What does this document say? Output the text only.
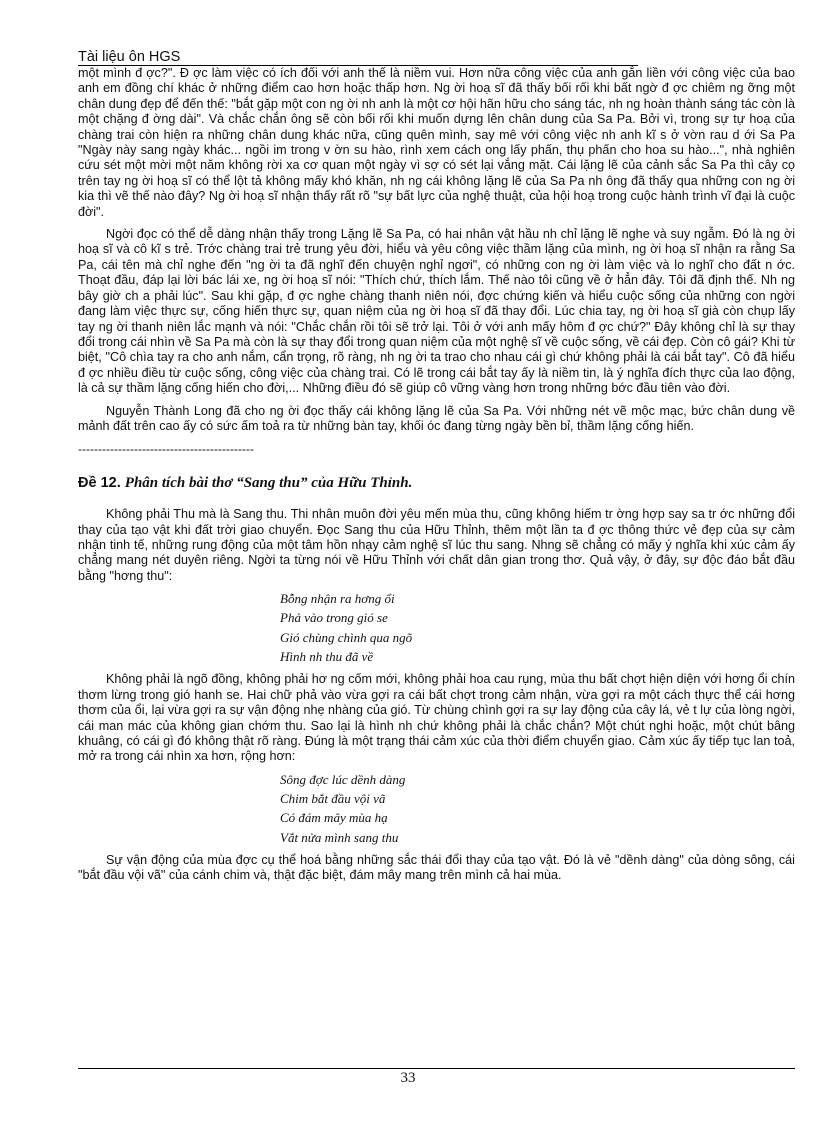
Tài liệu ôn HGS

một mình đ ợc?". Đ ợc làm việc có ích đối với anh thế là niềm vui. Hơn nữa công việc của anh gắn liền với công việc của bao anh em đồng chí khác ở những điểm cao hơn hoặc thấp hơn. Ng ời hoạ sĩ đã thấy bối rối khi bất ngờ đ ợc chiêm ng ỡng một chân dung đẹp để đến thế: "bắt gặp một con ng ời nh anh là một cơ hội hãn hữu cho sáng tác, nh ng hoàn thành sáng tác còn là một chặng đ ờng dài". Và chắc chắn ông sẽ còn bối rối khi muốn dựng lên chân dung của Sa Pa. Bởi vì, trong sự tự hoạ của chàng trai còn hiện ra những chân dung khác nữa, cũng quên mình, say mê với công việc nh anh kĩ s ở vờn rau d ới Sa Pa "Ngày này sang ngày khác... ngồi im trong v ờn su hào, rình xem cách ong lấy phấn, thụ phấn cho hoa su hào...", nhà nghiên cứu sét một mời một năm không rời xa cơ quan một ngày vì sợ có sét lại vắng mặt. Cái lặng lẽ của cảnh sắc Sa Pa thì cây cọ trên tay ng ời hoạ sĩ có thể lột tả không mấy khó khăn, nh ng cái không lặng lẽ của Sa Pa nh ông đã thấy qua những con ng ời kia thì vẽ thế nào đây? Ng ời hoạ sĩ nhận thấy rất rõ "sự bất lực của nghệ thuật, của hội hoạ trong cuộc hành trình vĩ đại là cuộc đời".

Ngời đọc có thể dễ dàng nhận thấy trong Lặng lẽ Sa Pa, có hai nhân vật hầu nh chỉ lặng lẽ nghe và suy ngẫm. Đó là ng ời hoạ sĩ và cô kĩ s trẻ. Trớc chàng trai trẻ trung yêu đời, hiểu và yêu công việc thầm lặng của mình, ng ời hoạ sĩ nhận ra rằng Sa Pa, cái tên mà chỉ nghe đến "ng ời ta đã nghĩ đến chuyện nghỉ ngơi", có những con ng ời làm việc và lo nghĩ cho đất n ớc. Thoạt đầu, đáp lại lời bác lái xe, ng ời hoạ sĩ nói: "Thích chứ, thích lắm. Thế nào tôi cũng về ở hẳn đây. Tôi đã định thế. Nh ng bây giờ ch a phải lúc". Sau khi gặp, đ ợc nghe chàng thanh niên nói, đợc chứng kiến và hiểu cuộc sống của những con ngời đang làm việc thực sự, cống hiến thực sự, quan niệm của ng ời hoạ sĩ đã thay đổi. Lúc chia tay, ng ời hoạ sĩ già còn chụp lấy tay ng ời thanh niên lắc mạnh và nói: "Chắc chắn rồi tôi sẽ trở lại. Tôi ở với anh mấy hôm đ ợc chứ?" Đây không chỉ là sự thay đổi trong cái nhìn về Sa Pa mà còn là sự thay đổi trong quan niệm của một nghệ sĩ về cuộc sống, về cái đẹp. Còn cô gái? Khi từ biệt, "Cô chìa tay ra cho anh nắm, cẩn trọng, rõ ràng, nh ng ời ta trao cho nhau cái gì chứ không phải là cái bắt tay". Cô đã hiểu đ ợc nhiều điều từ cuộc sống, công việc của chàng trai. Có lẽ trong cái bắt tay ấy là niềm tin, là ý nghĩa đích thực của lao động, là cả sự thầm lặng cống hiến cho đời,... Những điều đó sẽ giúp cô vững vàng hơn trong những bớc đầu tiên vào đời.

Nguyễn Thành Long đã cho ng ời đọc thấy cái không lặng lẽ của Sa Pa. Với những nét vẽ mộc mạc, bức chân dung về mảnh đất trên cao ấy có sức ấm toả ra từ những bàn tay, khối óc đang từng ngày bền bỉ, thầm lặng cống hiến.

--------------------------------------------

Đề 12. Phân tích bài thơ “Sang thu” của Hữu Thỉnh.

Không phải Thu mà là Sang thu. Thi nhân muôn đời yêu mến mùa thu, cũng không hiếm tr ờng hợp say sa tr ớc những đổi thay của tạo vật khi đất trời giao chuyển. Đọc Sang thu của Hữu Thỉnh, thêm một lần ta đ ợc thông thức vẻ đẹp của sự cảm nhận tinh tế, những rung động của một tâm hồn nhạy cảm nghệ sĩ lúc thu sang. Nhng sẽ chẳng có mấy ý nghĩa khi xúc cảm ấy chẳng mang nét duyên riêng. Ngời ta từng nói về Hữu Thỉnh với chất dân gian trong thơ. Quả vậy, ở đây, sự độc đáo bắt đầu bằng "hơng thu":

Bỗng nhận ra hơng ổi
Phả vào trong gió se
Gió chùng chình qua ngõ
Hình nh thu đã về

Không phải là ngõ đồng, không phải hơ ng cốm mới, không phải hoa cau rụng, mùa thu bất chợt hiện diện với hơng ổi chín thơm lừng trong gió hanh se. Hai chữ phả vào vừa gợi ra cái bất chợt trong cảm nhận, vừa gợi ra một cách thực thể cái hơng thơm của ổi, lại vừa gợi ra sự vận động nhẹ nhàng của gió. Từ chùng chình gợi ra sự lay động của cây lá, vẻ t lự của lòng ngời, cái man mác của không gian chớm thu. Sao lại là hình nh chứ không phải là chắc chắn? Một chút nghi hoặc, một chút bâng khuâng, có cái gì đó không thật rõ ràng. Đúng là một trạng thái cảm xúc của thời điểm chuyển giao. Cảm xúc ấy tiếp tục lan toả, mở ra trong cái nhìn xa hơn, rộng hơn:

Sông đợc lúc dềnh dàng
Chim bắt đầu vội vã
Có đám mây mùa hạ
Vắt nửa mình sang thu

Sự vận động của mùa đợc cụ thể hoá bằng những sắc thái đổi thay của tạo vật. Đó là vẻ "dềnh dàng" của dòng sông, cái "bắt đầu vội vã" của cánh chim và, thật đặc biệt, đám mây mang trên mình cả hai mùa.

33
